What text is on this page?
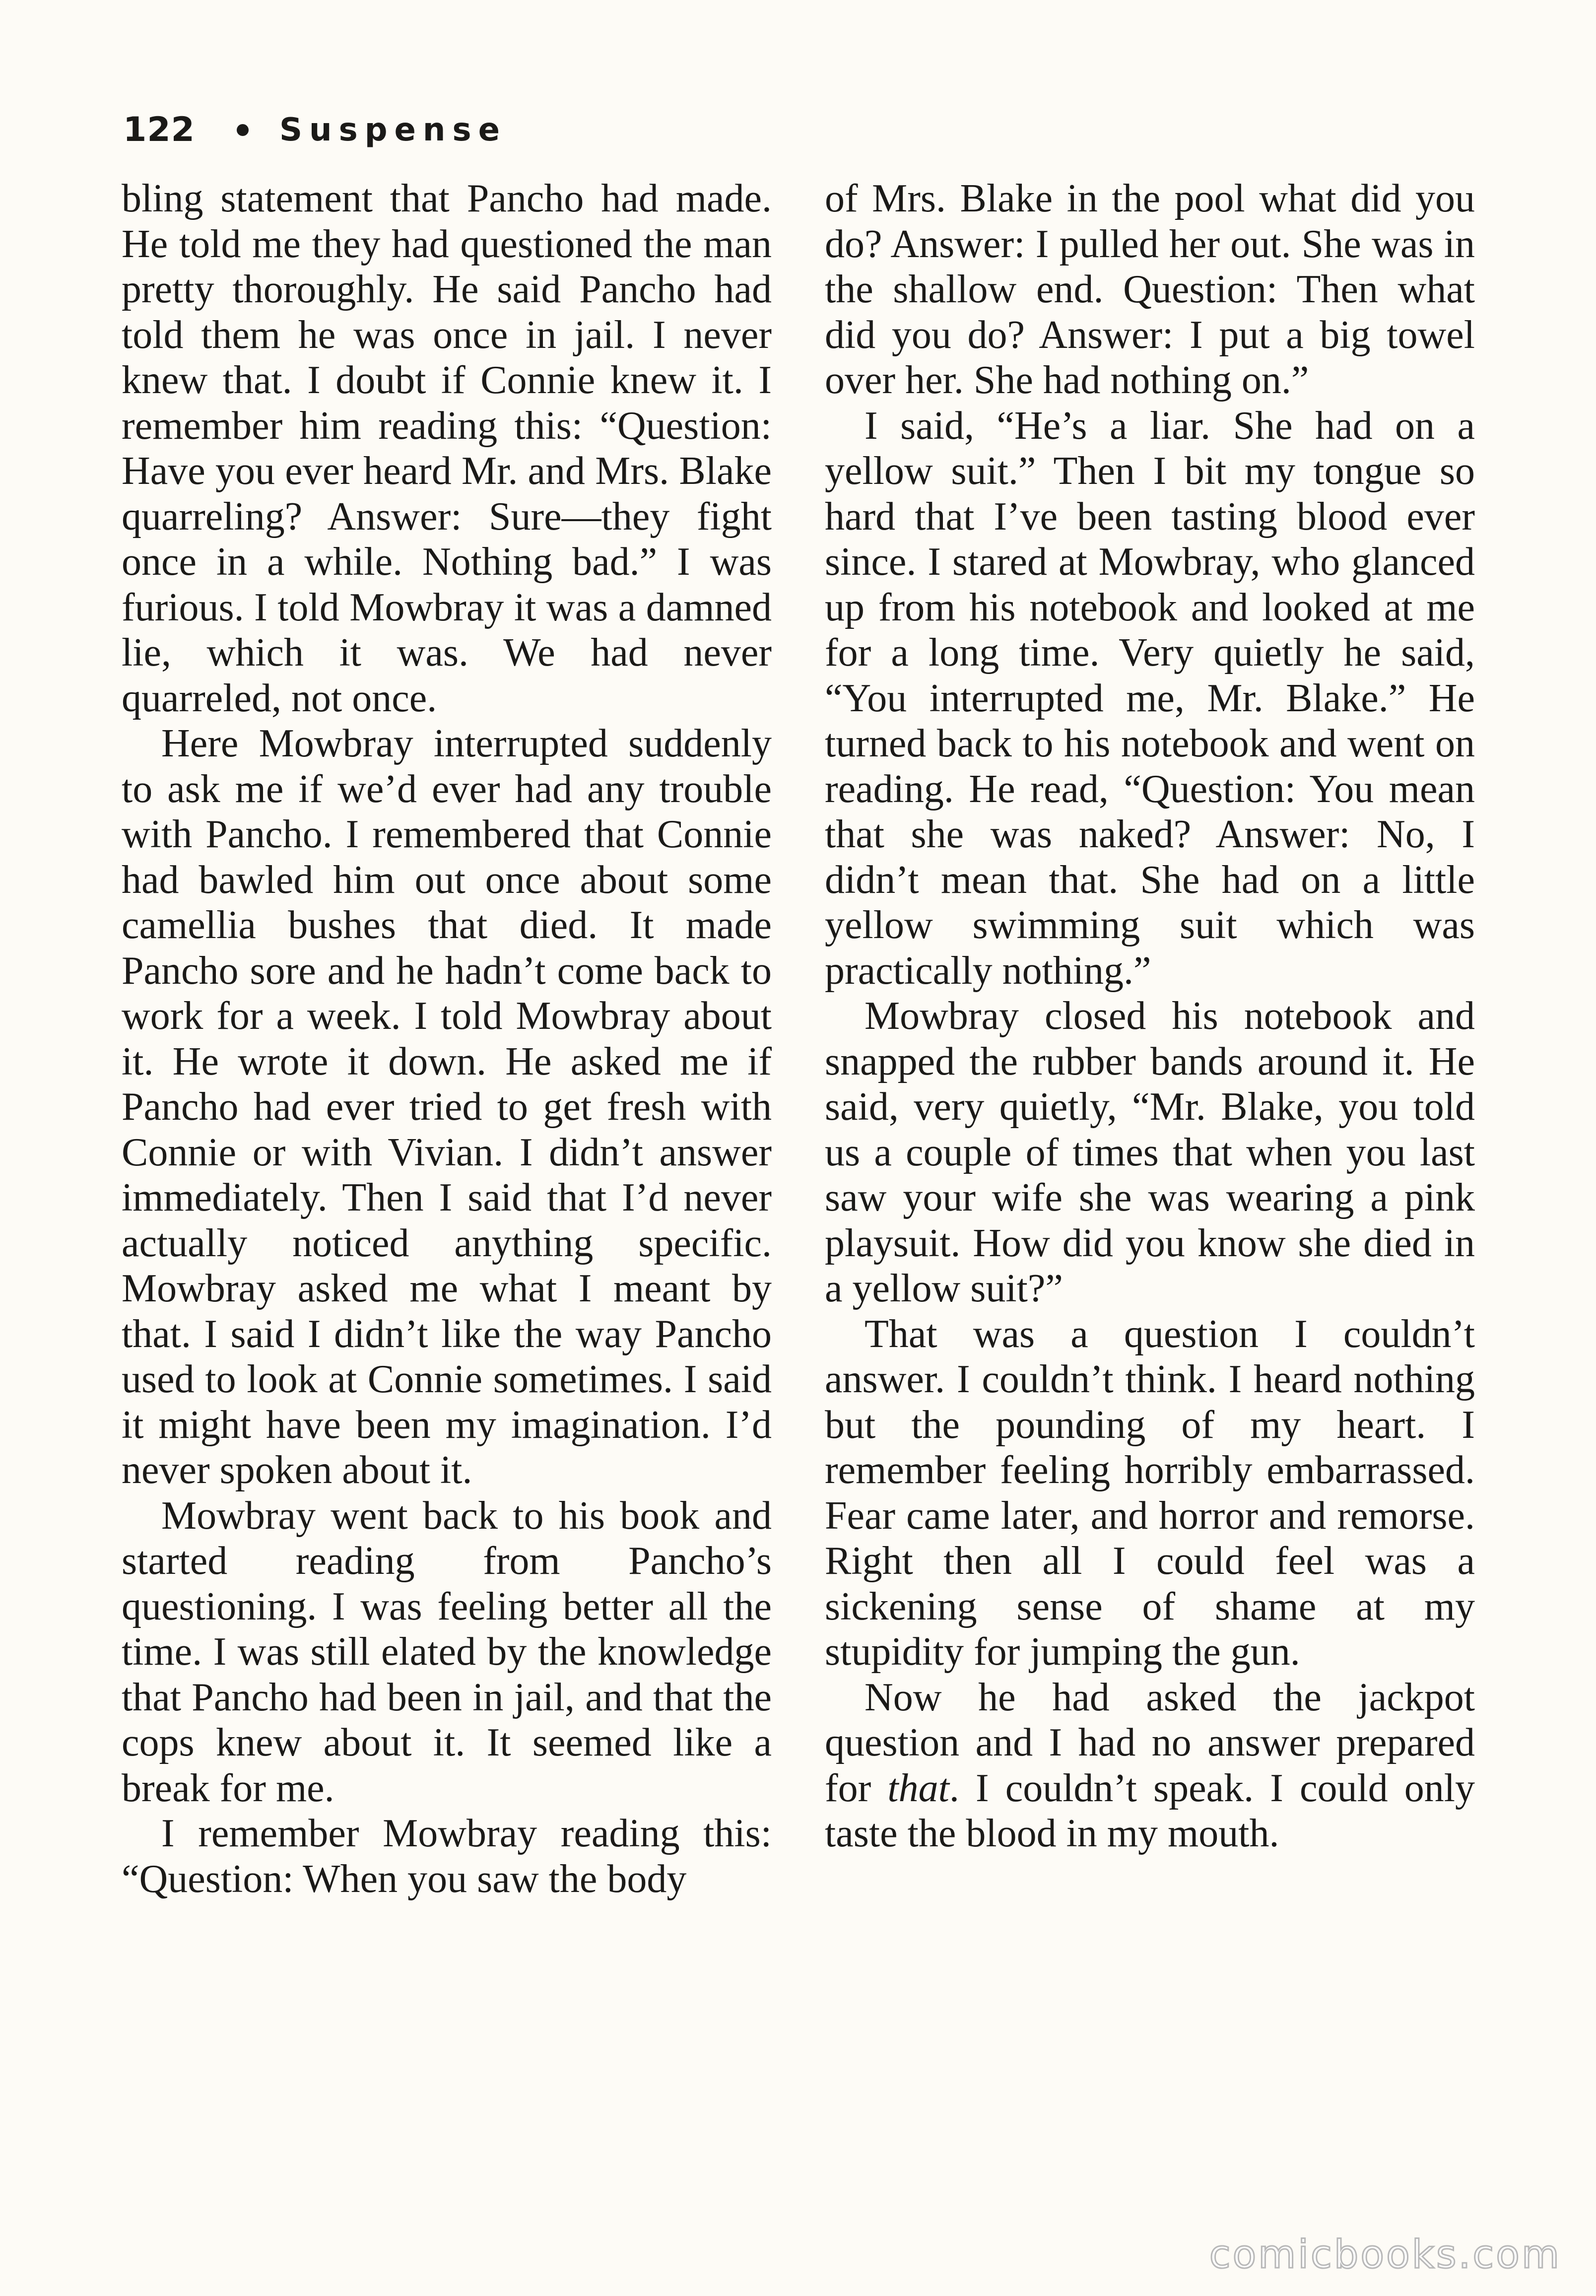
122	Suspense

bling statement that Pancho had made. He told me they had questioned the man pretty thoroughly. He said Pancho had told them he was once in jail. I never knew that. I doubt if Connie knew it. I remember him reading this: “Question: Have you ever heard Mr. and Mrs. Blake quarreling? Answer: Sure—they fight once in a while. Nothing bad.” I was furious. I told Mowbray it was a damned lie, which it was. We had never quarreled, not once.

Here Mowbray interrupted suddenly to ask me if we’d ever had any trouble with Pancho. I remembered that Connie had bawled him out once about some camellia bushes that died. It made Pancho sore and he hadn’t come back to work for a week. I told Mowbray about it. He wrote it down. He asked me if Pancho had ever tried to get fresh with Connie or with Vivian. I didn’t answer immediately. Then I said that I’d never actually noticed anything specific. Mowbray asked me what I meant by that. I said I didn’t like the way Pancho used to look at Connie sometimes. I said it might have been my imagination. I’d never spoken about it.

Mowbray went back to his book and started reading from Pancho’s questioning. I was feeling better all the time. I was still elated by the knowledge that Pancho had been in jail, and that the cops knew about it. It seemed like a break for me.

I remember Mowbray reading this: “Question: When you saw the body

of Mrs. Blake in the pool what did you do? Answer: I pulled her out. She was in the shallow end. Question: Then what did you do? Answer: I put a big towel over her. She had nothing on.”

I said, “He’s a liar. She had on a yellow suit.” Then I bit my tongue so hard that I’ve been tasting blood ever since. I stared at Mowbray, who glanced up from his notebook and looked at me for a long time. Very quietly he said, “You interrupted me, Mr. Blake.” He turned back to his notebook and went on reading. He read, “Question: You mean that she was naked? Answer: No, I didn’t mean that. She had on a little yellow swimming suit which was practically nothing.”

Mowbray closed his notebook and snapped the rubber bands around it. He said, very quietly, “Mr. Blake, you told us a couple of times that when you last saw your wife she was wearing a pink playsuit. How did you know she died in a yellow suit?”

That was a question I couldn’t answer. I couldn’t think. I heard nothing but the pounding of my heart. I remember feeling horribly embarrassed. Fear came later, and horror and remorse. Right then all I could feel was a sickening sense of shame at my stupidity for jumping the gun.

Now he had asked the jackpot question and I had no answer prepared for that. I couldn’t speak. I could only taste the blood in my mouth.

comicbooks.com
